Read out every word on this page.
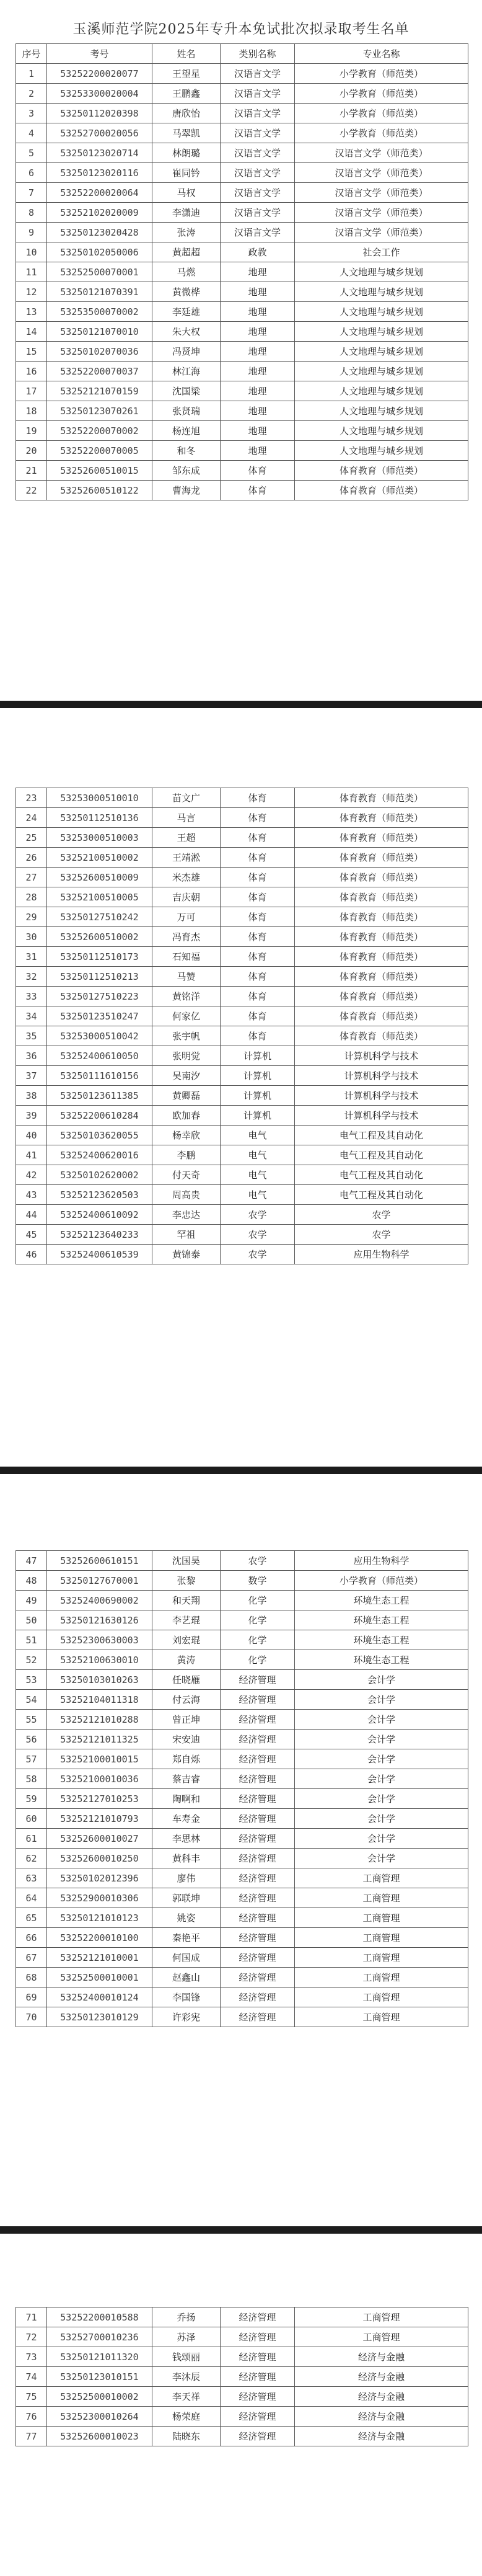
玉溪师范学院2025年专升本免试批次拟录取考生名单
序号	考号	姓名	类别名称	专业名称
1	53252200020077	王望星	汉语言文学	小学教育（师范类）
2	53253300020004	王鹏鑫	汉语言文学	小学教育（师范类）
3	53250112020398	唐欣怡	汉语言文学	小学教育（师范类）
4	53252700020056	马翠凯	汉语言文学	小学教育（师范类）
5	53250123020714	林朗璐	汉语言文学	汉语言文学（师范类）
6	53250123020116	崔同钤	汉语言文学	汉语言文学（师范类）
7	53252200020064	马权	汉语言文学	汉语言文学（师范类）
8	53252102020009	李潇迪	汉语言文学	汉语言文学（师范类）
9	53250123020428	张涛	汉语言文学	汉语言文学（师范类）
10	53250102050006	黄超超	政教	社会工作
11	53252500070001	马燃	地理	人文地理与城乡规划
12	53250121070391	黄微桦	地理	人文地理与城乡规划
13	53253500070002	李廷雄	地理	人文地理与城乡规划
14	53250121070010	朱大权	地理	人文地理与城乡规划
15	53250102070036	冯贤坤	地理	人文地理与城乡规划
16	53252200070037	林江海	地理	人文地理与城乡规划
17	53252121070159	沈国梁	地理	人文地理与城乡规划
18	53250123070261	张贤瑞	地理	人文地理与城乡规划
19	53252200070002	杨连旭	地理	人文地理与城乡规划
20	53252200070005	和冬	地理	人文地理与城乡规划
21	53252600510015	邹东成	体育	体育教育（师范类）
22	53252600510122	曹海龙	体育	体育教育（师范类）
23	53253000510010	苗文广	体育	体育教育（师范类）
24	53250112510136	马言	体育	体育教育（师范类）
25	53253000510003	王超	体育	体育教育（师范类）
26	53252100510002	王靖淞	体育	体育教育（师范类）
27	53252600510009	米杰雄	体育	体育教育（师范类）
28	53252100510005	吉庆朝	体育	体育教育（师范类）
29	53250127510242	万可	体育	体育教育（师范类）
30	53252600510002	冯育杰	体育	体育教育（师范类）
31	53250112510173	石知福	体育	体育教育（师范类）
32	53250112510213	马赞	体育	体育教育（师范类）
33	53250127510223	黄铭洋	体育	体育教育（师范类）
34	53250123510247	何家亿	体育	体育教育（师范类）
35	53253000510042	张宇帆	体育	体育教育（师范类）
36	53252400610050	张明觉	计算机	计算机科学与技术
37	53250111610156	吴南汐	计算机	计算机科学与技术
38	53250123611385	黄卿磊	计算机	计算机科学与技术
39	53252200610284	欧加春	计算机	计算机科学与技术
40	53250103620055	杨幸欣	电气	电气工程及其自动化
41	53252400620016	李鹏	电气	电气工程及其自动化
42	53250102620002	付天奇	电气	电气工程及其自动化
43	53252123620503	周高贵	电气	电气工程及其自动化
44	53252400610092	李忠达	农学	农学
45	53252123640233	罕祖	农学	农学
46	53252400610539	黄锦泰	农学	应用生物科学
47	53252600610151	沈国昊	农学	应用生物科学
48	53250127670001	张黎	数学	小学教育（师范类）
49	53252400690002	和天翔	化学	环境生态工程
50	53250121630126	李艺琨	化学	环境生态工程
51	53252300630003	刘宏琨	化学	环境生态工程
52	53252100630010	黄涛	化学	环境生态工程
53	53250103010263	任晓雁	经济管理	会计学
54	53252104011318	付云海	经济管理	会计学
55	53252121010288	曾正坤	经济管理	会计学
56	53252121011325	宋安迪	经济管理	会计学
57	53252100010015	郑自烁	经济管理	会计学
58	53252100010036	蔡吉睿	经济管理	会计学
59	53252127010253	陶啊和	经济管理	会计学
60	53252121010793	车寿金	经济管理	会计学
61	53252600010027	李思林	经济管理	会计学
62	53252600010250	黄科丰	经济管理	会计学
63	53250102012396	廖伟	经济管理	工商管理
64	53252900010306	郭联坤	经济管理	工商管理
65	53250121010123	姚姿	经济管理	工商管理
66	53252200010100	秦艳平	经济管理	工商管理
67	53252121010001	何国成	经济管理	工商管理
68	53252500010001	赵鑫山	经济管理	工商管理
69	53252400010124	李国锋	经济管理	工商管理
70	53250123010129	许彩宪	经济管理	工商管理
71	53252200010588	乔扬	经济管理	工商管理
72	53252700010236	苏泽	经济管理	工商管理
73	53250121011320	钱颂丽	经济管理	经济与金融
74	53250123010151	李沐辰	经济管理	经济与金融
75	53252500010002	李天祥	经济管理	经济与金融
76	53252300010264	杨荣庭	经济管理	经济与金融
77	53252600010023	陆晓东	经济管理	经济与金融
